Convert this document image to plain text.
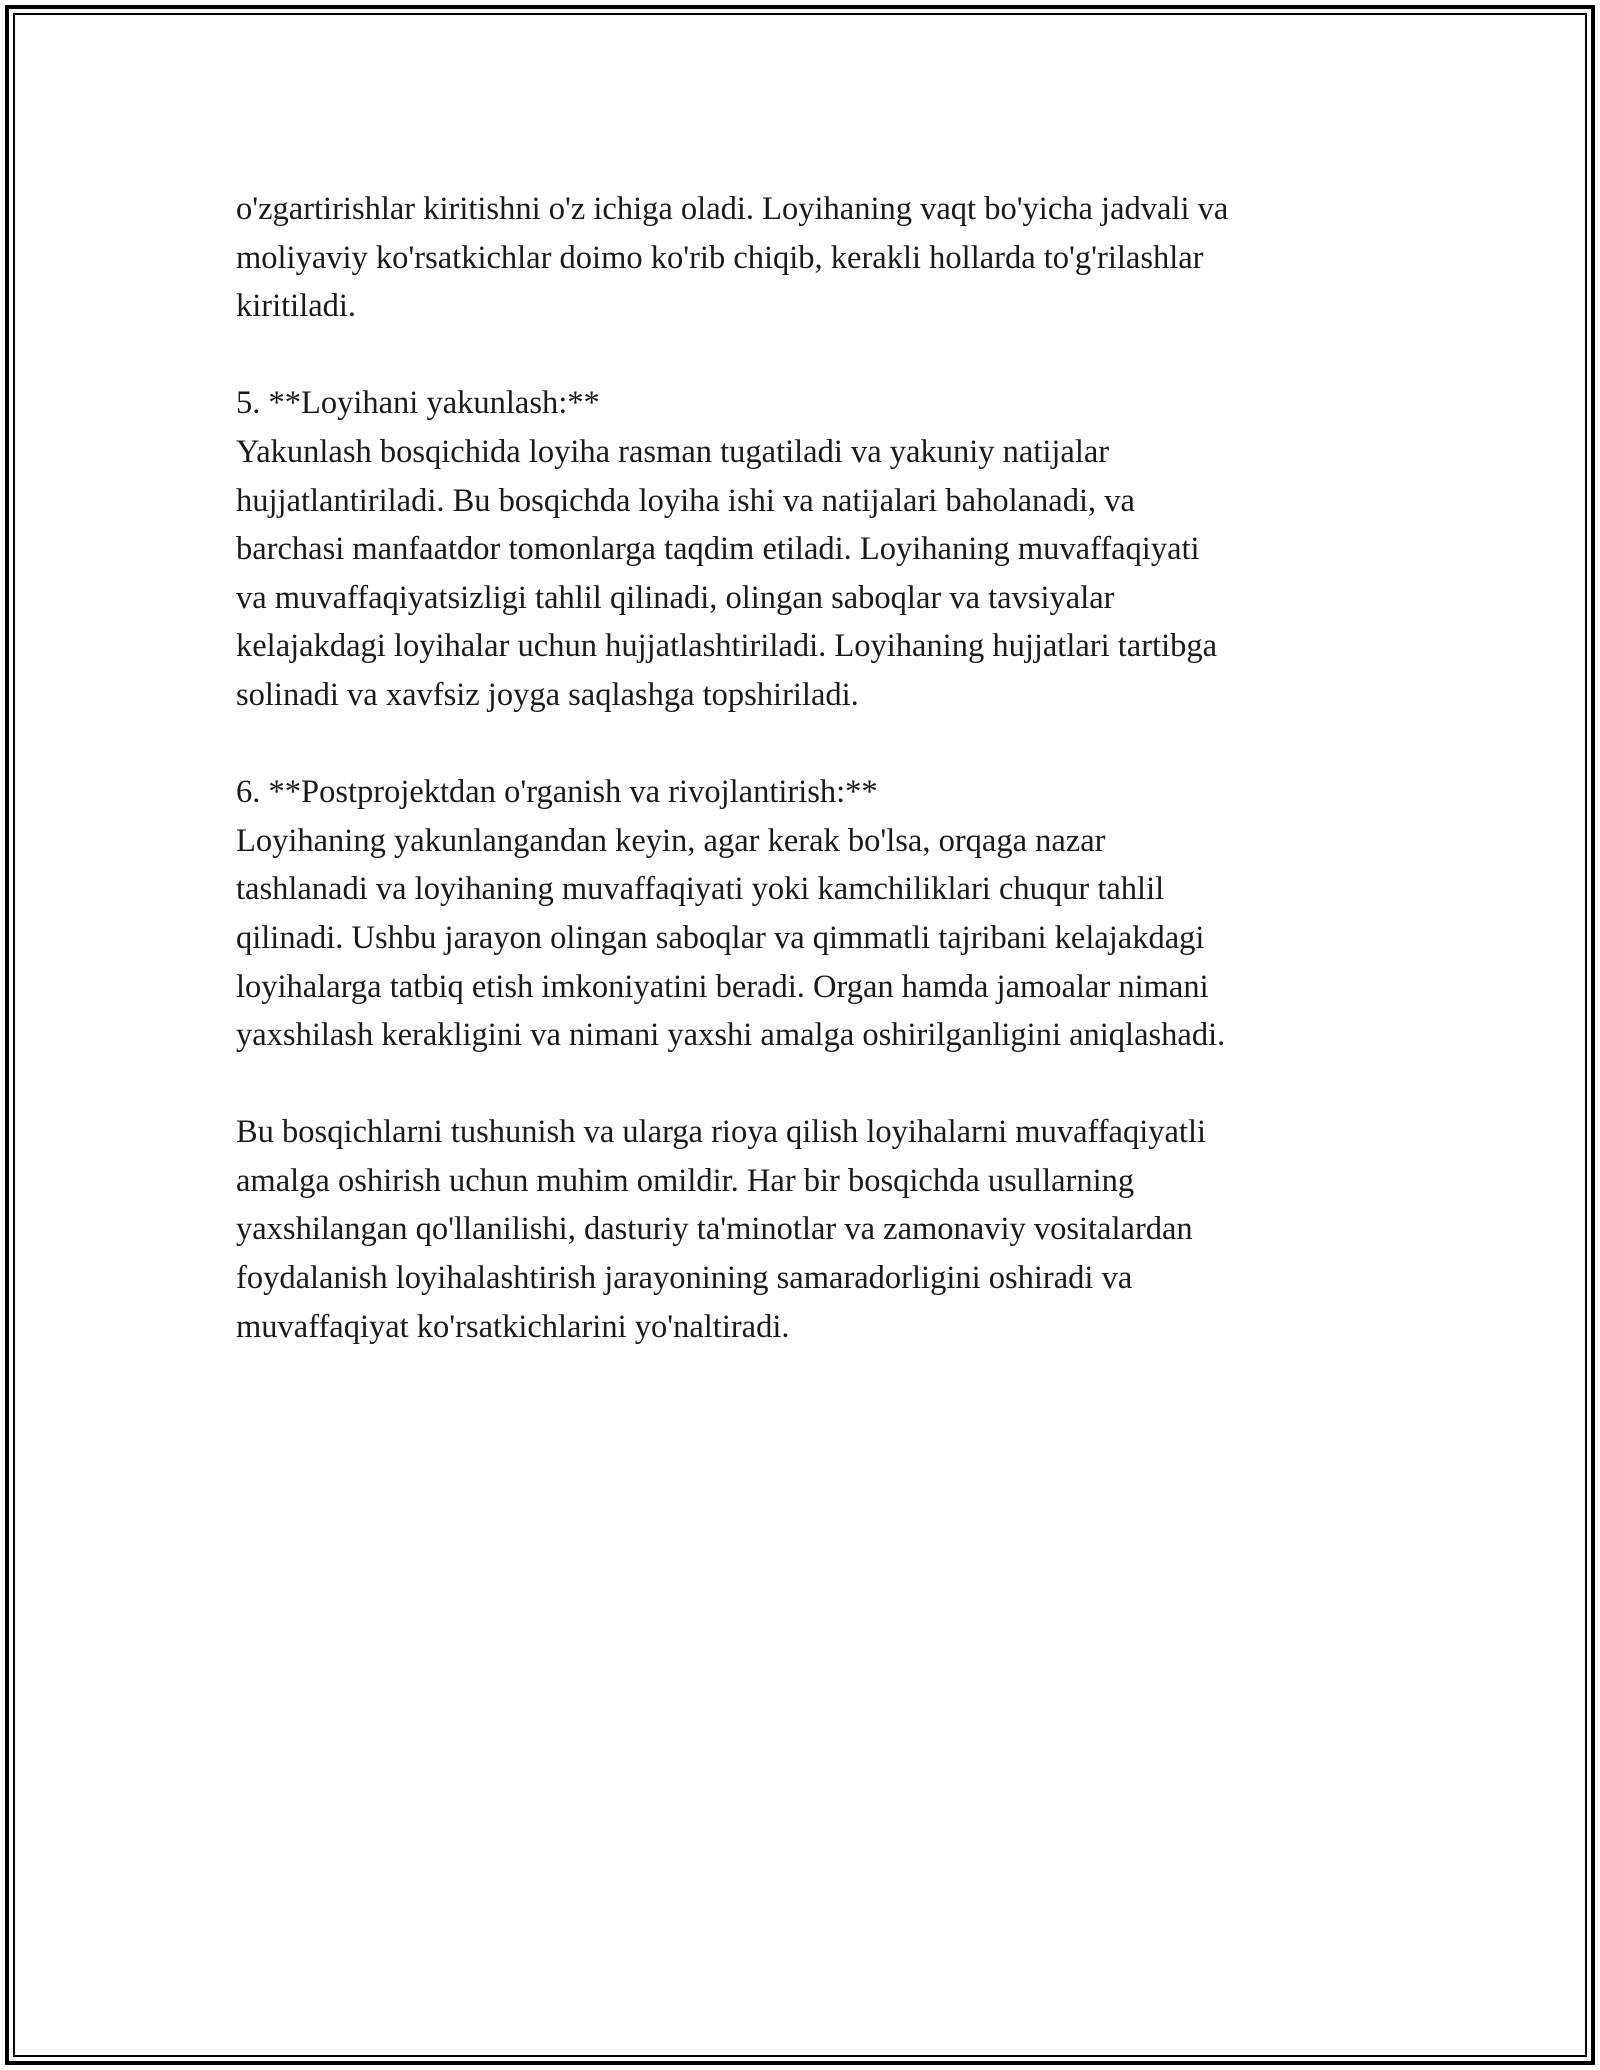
o'zgartirishlar kiritishni o'z ichiga oladi. Loyihaning vaqt bo'yicha jadvali va
moliyaviy ko'rsatkichlar doimo ko'rib chiqib, kerakli hollarda to'g'rilashlar
kiritiladi.

5. **Loyihani yakunlash:**
Yakunlash bosqichida loyiha rasman tugatiladi va yakuniy natijalar
hujjatlantiriladi. Bu bosqichda loyiha ishi va natijalari baholanadi, va
barchasi manfaatdor tomonlarga taqdim etiladi. Loyihaning muvaffaqiyati
va muvaffaqiyatsizligi tahlil qilinadi, olingan saboqlar va tavsiyalar
kelajakdagi loyihalar uchun hujjatlashtiriladi. Loyihaning hujjatlari tartibga
solinadi va xavfsiz joyga saqlashga topshiriladi.

6. **Postprojektdan o'rganish va rivojlantirish:**
Loyihaning yakunlangandan keyin, agar kerak bo'lsa, orqaga nazar
tashlanadi va loyihaning muvaffaqiyati yoki kamchiliklari chuqur tahlil
qilinadi. Ushbu jarayon olingan saboqlar va qimmatli tajribani kelajakdagi
loyihalarga tatbiq etish imkoniyatini beradi. Organ hamda jamoalar nimani
yaxshilash kerakligini va nimani yaxshi amalga oshirilganligini aniqlashadi.

Bu bosqichlarni tushunish va ularga rioya qilish loyihalarni muvaffaqiyatli
amalga oshirish uchun muhim omildir. Har bir bosqichda usullarning
yaxshilangan qo'llanilishi, dasturiy ta'minotlar va zamonaviy vositalardan
foydalanish loyihalashtirish jarayonining samaradorligini oshiradi va
muvaffaqiyat ko'rsatkichlarini yo'naltiradi.
